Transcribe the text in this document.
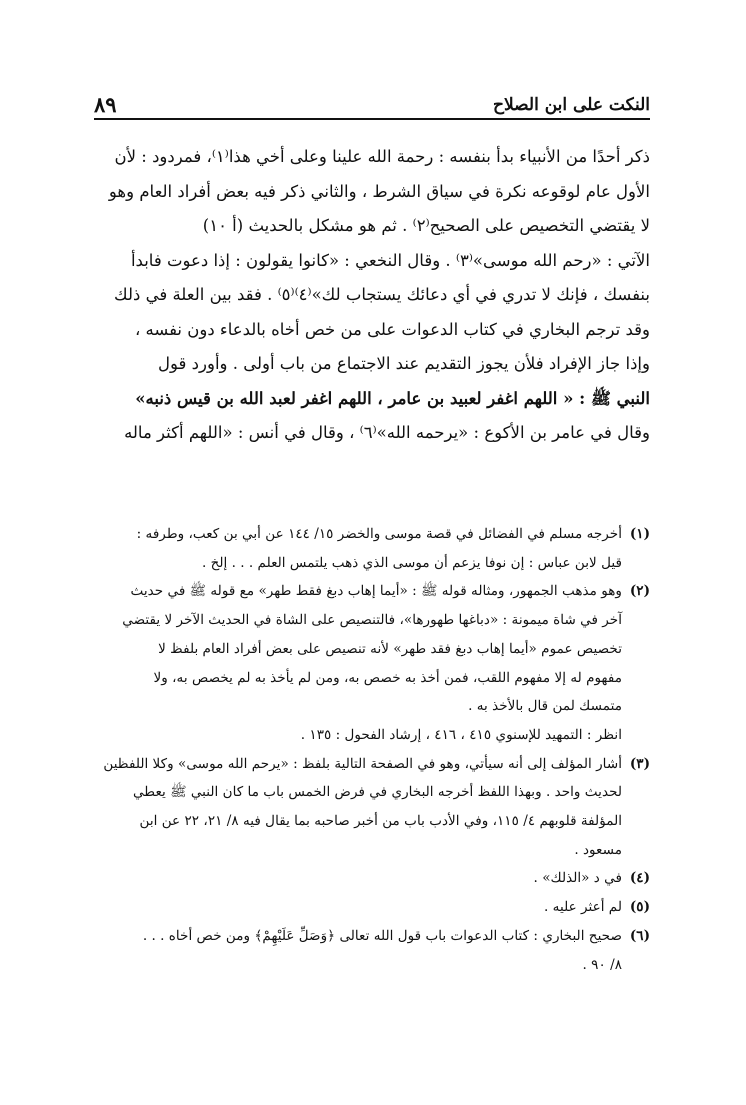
النكت على ابن الصلاح
٨٩

ذكر أحدًا من الأنبياء بدأ بنفسه : رحمة الله علينا وعلى أخي هذا⁽١⁾، فمردود : لأن

الأول عام لوقوعه نكرة في سياق الشرط ، والثاني ذكر فيه بعض أفراد العام وهو

لا يقتضي التخصيص على الصحيح⁽٢⁾ . ثم هو مشكل بالحديث (أ ١٠)

الآتي : «رحم الله موسى»⁽٣⁾ . وقال النخعي : «كانوا يقولون : إذا دعوت فابدأ

بنفسك ، فإنك لا تدري في أي دعائك يستجاب لك»⁽٤⁾⁽٥⁾ . فقد بين العلة في ذلك

وقد ترجم البخاري في كتاب الدعوات على من خص أخاه بالدعاء دون نفسه ،

وإذا جاز الإفراد فلأن يجوز التقديم عند الاجتماع من باب أولى . وأورد قول

النبي ﷺ : « اللهم اغفر لعبيد بن عامر ، اللهم اغفر لعبد الله بن قيس ذنبه»

وقال في عامر بن الأكوع : «يرحمه الله»⁽٦⁾ ، وقال في أنس : «اللهم أكثر ماله

(١)
أخرجه مسلم في الفضائل في قصة موسى والخضر ١٥/ ١٤٤ عن أبي بن كعب، وطرفه :
قيل لابن عباس : إن نوفا يزعم أن موسى الذي ذهب يلتمس العلم . . . إلخ .
(٢)
وهو مذهب الجمهور، ومثاله قوله ﷺ : «أيما إهاب دبغ فقط طهر» مع قوله ﷺ في حديث
آخر في شاة ميمونة : «دباغها طهورها»، فالتنصيص على الشاة في الحديث الآخر لا يقتضي
تخصيص عموم «أيما إهاب دبغ فقد طهر» لأنه تنصيص على بعض أفراد العام بلفظ لا
مفهوم له إلا مفهوم اللقب، فمن أخذ به خصص به، ومن لم يأخذ به لم يخصص به، ولا
متمسك لمن قال بالأخذ به .
انظر : التمهيد للإسنوي ٤١٥ ، ٤١٦ ، إرشاد الفحول : ١٣٥ .
(٣)
أشار المؤلف إلى أنه سيأتي، وهو في الصفحة التالية بلفظ : «يرحم الله موسى» وكلا اللفظين
لحديث واحد . وبهذا اللفظ أخرجه البخاري في فرض الخمس باب ما كان النبي ﷺ يعطي
المؤلفة قلوبهم ٤/ ١١٥، وفي الأدب باب من أخبر صاحبه بما يقال فيه ٨/ ٢١، ٢٢ عن ابن
مسعود .
(٤)
في د «الذلك» .
(٥)
لم أعثر عليه .
(٦)
صحيح البخاري : كتاب الدعوات باب قول الله تعالى ﴿وَصَلِّ عَلَيْهِمْ﴾ ومن خص أخاه . . .
٨/ ٩٠ .
